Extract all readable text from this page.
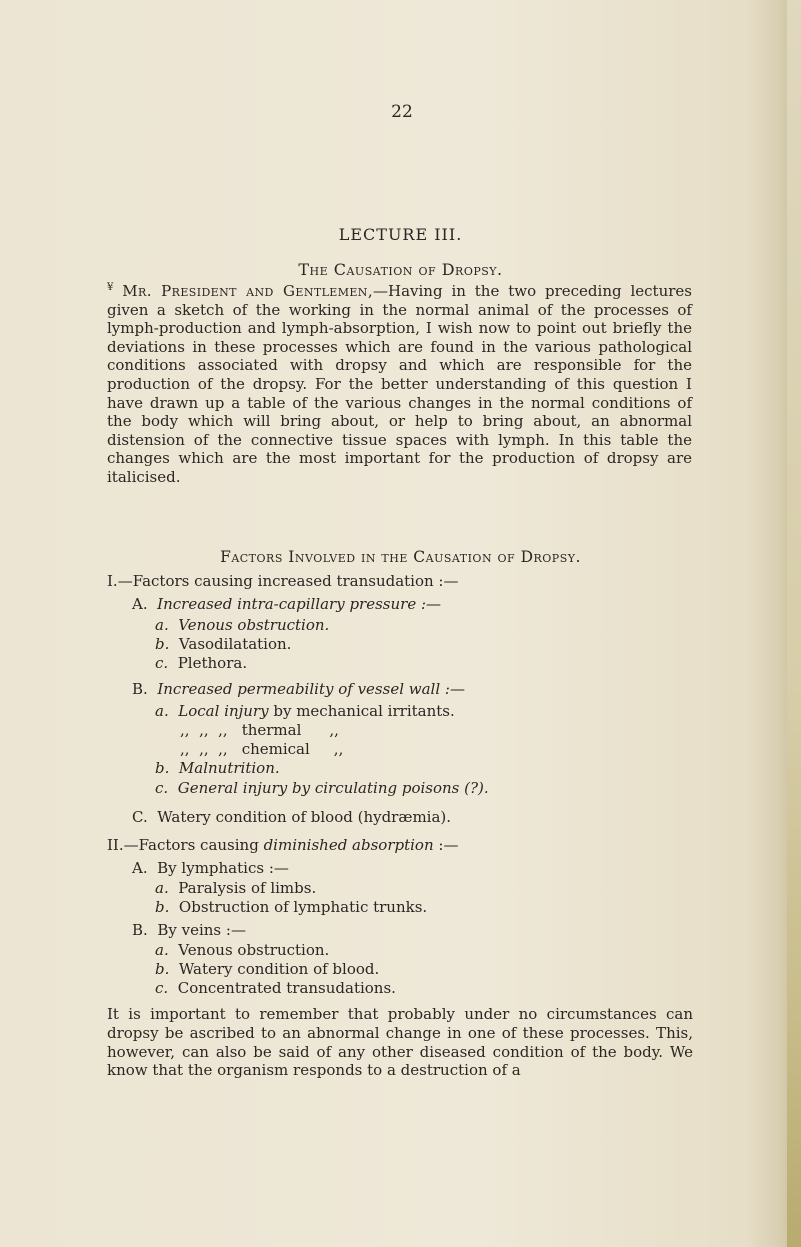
22
LECTURE III.
The Causation of Dropsy.

¥ Mr. President and Gentlemen,—Having in the two preceding lectures given a sketch of the working in the normal animal of the processes of lymph-production and lymph-absorption, I wish now to point out briefly the deviations in these processes which are found in the various pathological conditions associated with dropsy and which are responsible for the production of the dropsy. For the better understanding of this question I have drawn up a table of the various changes in the normal conditions of the body which will bring about, or help to bring about, an abnormal distension of the connective tissue spaces with lymph. In this table the changes which are the most important for the production of dropsy are italicised.

Factors Involved in the Causation of Dropsy.
I.—Factors causing increased transudation :—
A. Increased intra-capillary pressure :—
a. Venous obstruction.
b. Vasodilatation.
c. Plethora.
B. Increased permeability of vessel wall :—
a. Local injury by mechanical irritants.
,,  ,,  ,, thermal ,,
,,  ,,  ,, chemical ,,
b. Malnutrition.
c. General injury by circulating poisons (?).
C. Watery condition of blood (hydræmia).
II.—Factors causing diminished absorption :—
A. By lymphatics :—
a. Paralysis of limbs.
b. Obstruction of lymphatic trunks.
B. By veins :—
a. Venous obstruction.
b. Watery condition of blood.
c. Concentrated transudations.

It is important to remember that probably under no circumstances can dropsy be ascribed to an abnormal change in one of these processes. This, however, can also be said of any other diseased condition of the body. We know that the organism responds to a destruction of a
